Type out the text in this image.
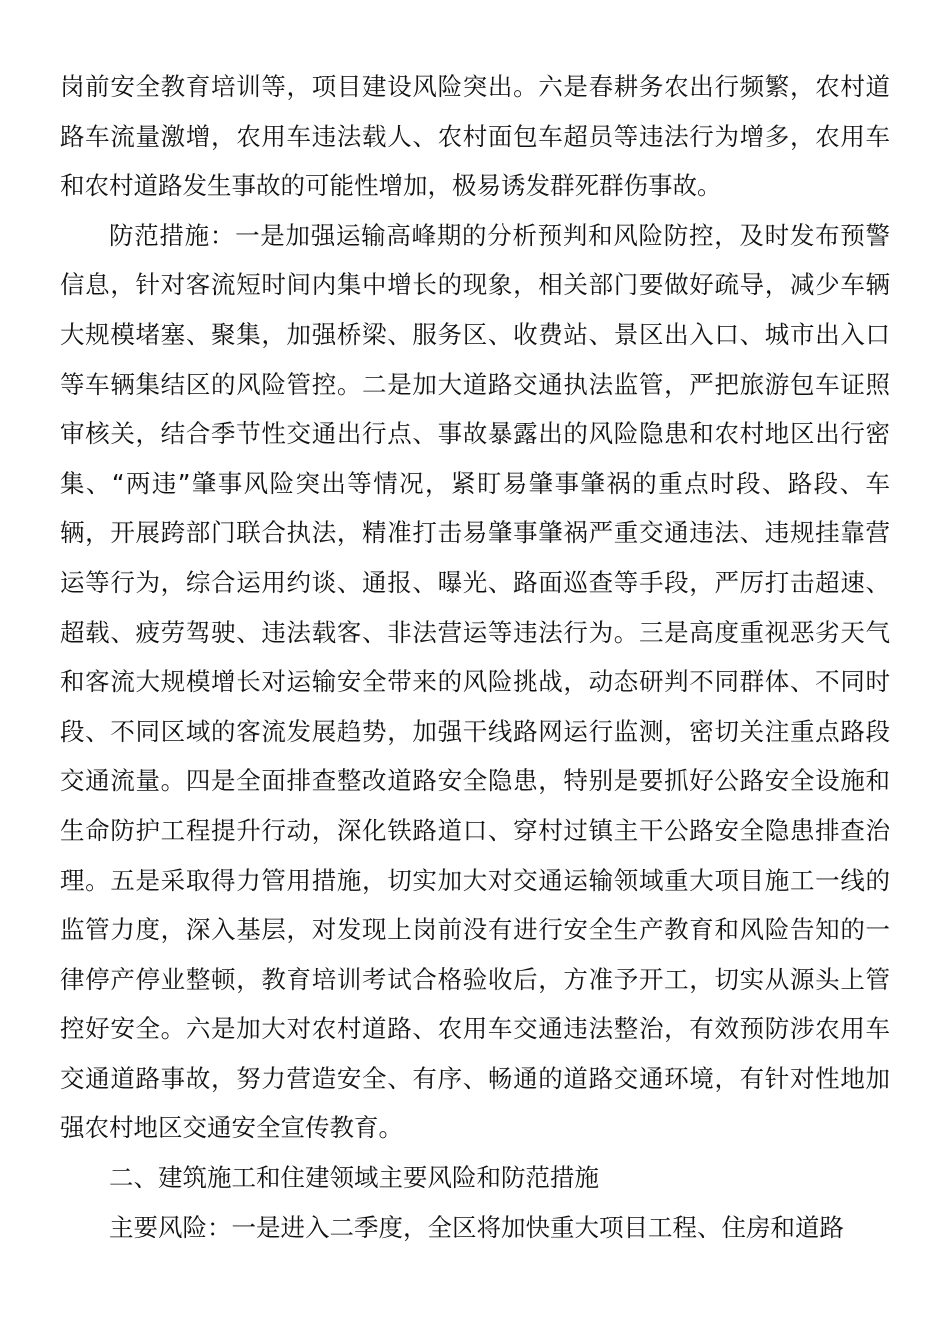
岗前安全教育培训等，项目建设风险突出。六是春耕务农出行频繁，农村道路车流量激增，农用车违法载人、农村面包车超员等违法行为增多，农用车和农村道路发生事故的可能性增加，极易诱发群死群伤事故。

防范措施：一是加强运输高峰期的分析预判和风险防控，及时发布预警信息，针对客流短时间内集中增长的现象，相关部门要做好疏导，减少车辆大规模堵塞、聚集，加强桥梁、服务区、收费站、景区出入口、城市出入口等车辆集结区的风险管控。二是加大道路交通执法监管，严把旅游包车证照审核关，结合季节性交通出行点、事故暴露出的风险隐患和农村地区出行密集、“两违”肇事风险突出等情况，紧盯易肇事肇祸的重点时段、路段、车辆，开展跨部门联合执法，精准打击易肇事肇祸严重交通违法、违规挂靠营运等行为，综合运用约谈、通报、曝光、路面巡查等手段，严厉打击超速、超载、疲劳驾驶、违法载客、非法营运等违法行为。三是高度重视恶劣天气和客流大规模增长对运输安全带来的风险挑战，动态研判不同群体、不同时段、不同区域的客流发展趋势，加强干线路网运行监测，密切关注重点路段交通流量。四是全面排查整改道路安全隐患，特别是要抓好公路安全设施和生命防护工程提升行动，深化铁路道口、穿村过镇主干公路安全隐患排查治理。五是采取得力管用措施，切实加大对交通运输领域重大项目施工一线的监管力度，深入基层，对发现上岗前没有进行安全生产教育和风险告知的一律停产停业整顿，教育培训考试合格验收后，方准予开工，切实从源头上管控好安全。六是加大对农村道路、农用车交通违法整治，有效预防涉农用车交通道路事故，努力营造安全、有序、畅通的道路交通环境，有针对性地加强农村地区交通安全宣传教育。

二、建筑施工和住建领域主要风险和防范措施

主要风险：一是进入二季度，全区将加快重大项目工程、住房和道路
